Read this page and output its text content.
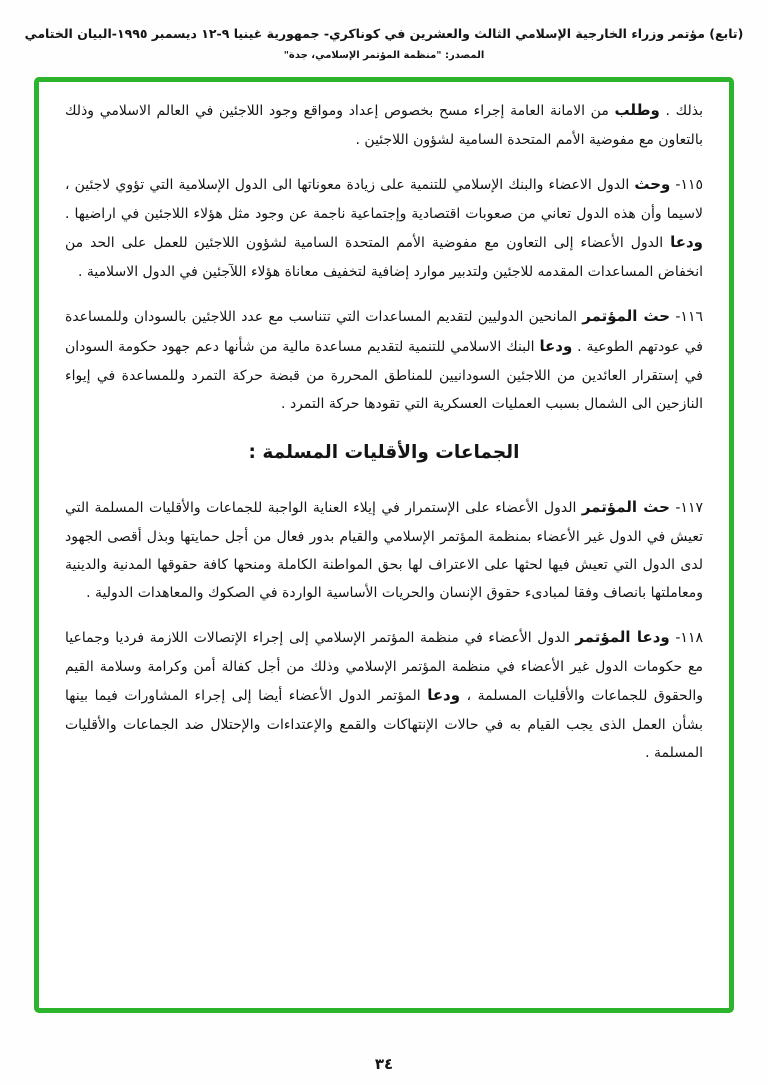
(تابع) مؤتمر وزراء الخارجية الإسلامي الثالث والعشرين في كوناكري- جمهورية غينيا ٩-١٢ ديسمبر ١٩٩٥-البيان الختامي
المصدر: "منظمة المؤتمر الإسلامي، جدة"

بذلك . وطلب من الامانة العامة إجراء مسح بخصوص إعداد ومواقع وجود اللاجئين في العالم الاسلامي وذلك بالتعاون مع مفوضية الأمم المتحدة السامية لشؤون اللاجئين .

١١٥- وحث الدول الاعضاء والبنك الإسلامي للتنمية على زيادة معوناتها الى الدول الإسلامية التي تؤوي لاجئين ، لاسيما وأن هذه الدول تعاني من صعوبات اقتصادية وإجتماعية ناجمة عن وجود مثل هؤلاء اللاجئين في اراضيها . ودعا الدول الأعضاء إلى التعاون مع مفوضية الأمم المتحدة السامية لشؤون اللاجئين للعمل على الحد من انخفاض المساعدات المقدمه للاجئين ولتدبير موارد إضافية لتخفيف معاناة هؤلاء اللآجئين في الدول الاسلامية .

١١٦- حث المؤتمر المانحين الدوليين لتقديم المساعدات التي تتناسب مع عدد اللاجئين بالسودان وللمساعدة في عودتهم الطوعية . ودعا البنك الاسلامي للتنمية لتقديم مساعدة مالية من شأنها دعم جهود حكومة السودان في إستقرار العائدين من اللاجئين السودانيين للمناطق المحررة من قبضة حركة التمرد وللمساعدة في إيواء النازحين الى الشمال بسبب العمليات العسكرية التي تقودها حركة التمرد .

الجماعات والأقليات المسلمة :

١١٧- حث المؤتمر الدول الأعضاء على الإستمرار في إيلاء العناية الواجبة للجماعات والأقليات المسلمة التي تعيش في الدول غير الأعضاء بمنظمة المؤتمر الإسلامي والقيام بدور فعال من أجل حمايتها وبذل أقصى الجهود لدى الدول التي تعيش فيها لحثها على الاعتراف لها بحق المواطنة الكاملة ومنحها كافة حقوقها المدنية والدينية ومعاملتها بانصاف وفقا لمبادىء حقوق الإنسان والحريات الأساسية الواردة في الصكوك والمعاهدات الدولية .

١١٨- ودعا المؤتمر الدول الأعضاء في منظمة المؤتمر الإسلامي إلى إجراء الإتصالات اللازمة فرديا وجماعيا مع حكومات الدول غير الأعضاء في منظمة المؤتمر الإسلامي وذلك من أجل كفالة أمن وكرامة وسلامة القيم والحقوق للجماعات والأقليات المسلمة ، ودعا المؤتمر الدول الأعضاء أيضا إلى إجراء المشاورات فيما بينها بشأن العمل الذى يجب القيام به في حالات الإنتهاكات والقمع والإعتداءات والإحتلال ضد الجماعات والأقليات المسلمة .

٣٤
